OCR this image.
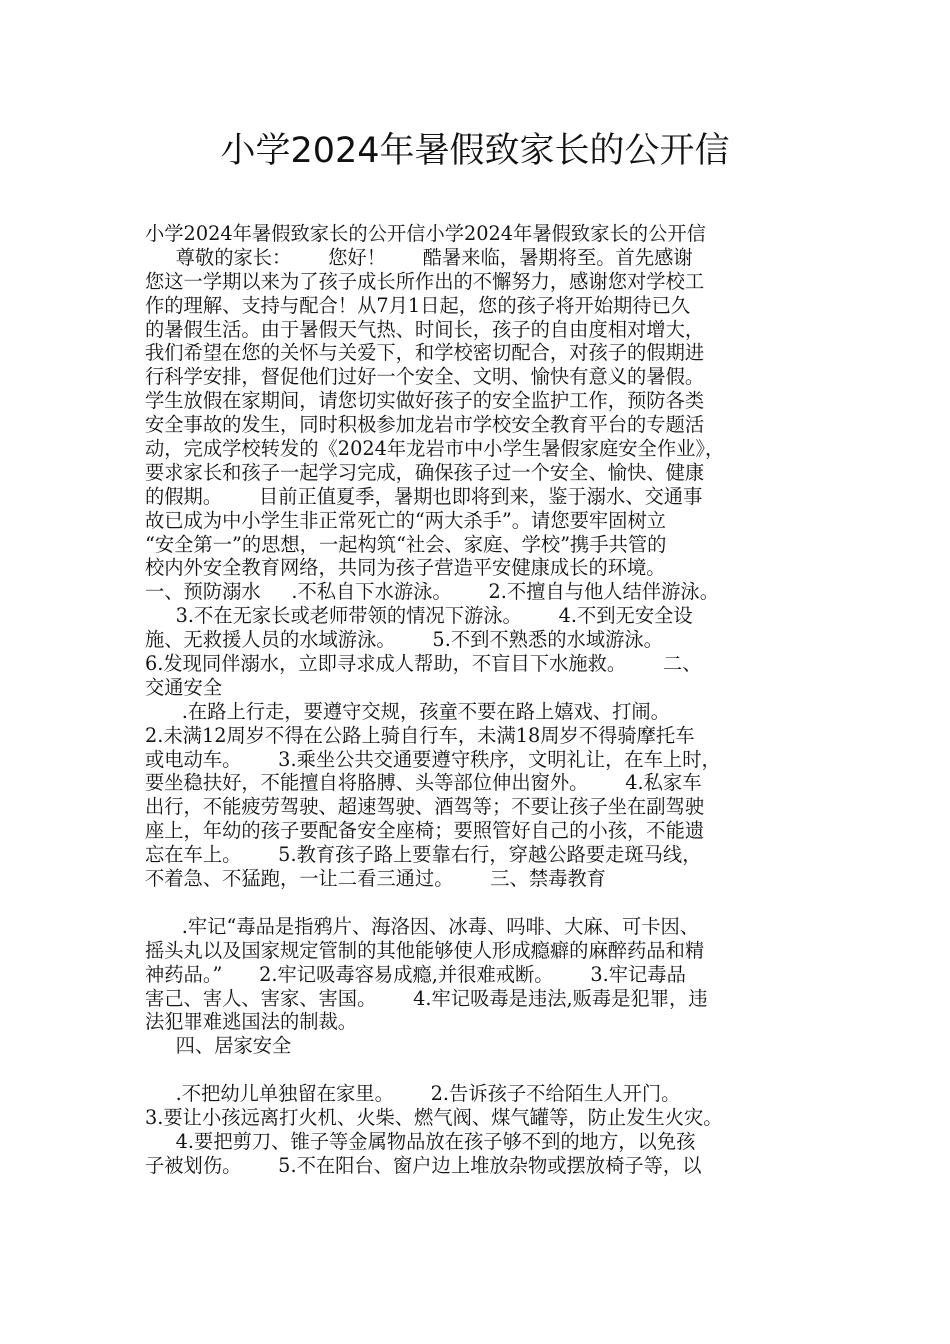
小学2024年暑假致家长的公开信
小学2024年暑假致家长的公开信小学2024年暑假致家长的公开信
尊敬的家长：      您好！      酷暑来临，暑期将至。首先感谢
您这一学期以来为了孩子成长所作出的不懈努力，感谢您对学校工
作的理解、支持与配合！从7月1日起，您的孩子将开始期待已久
的暑假生活。由于暑假天气热、时间长，孩子的自由度相对增大，
我们希望在您的关怀与关爱下，和学校密切配合，对孩子的假期进
行科学安排，督促他们过好一个安全、文明、愉快有意义的暑假。
学生放假在家期间，请您切实做好孩子的安全监护工作，预防各类
安全事故的发生，同时积极参加龙岩市学校安全教育平台的专题活
动，完成学校转发的《2024年龙岩市中小学生暑假家庭安全作业》，
要求家长和孩子一起学习完成，确保孩子过一个安全、愉快、健康
的假期。      目前正值夏季，暑期也即将到来，鉴于溺水、交通事
故已成为中小学生非正常死亡的“两大杀手”。请您要牢固树立
“安全第一”的思想，一起构筑“社会、家庭、学校”携手共管的
校内外安全教育网络，共同为孩子营造平安健康成长的环境。
一、预防溺水     .不私自下水游泳。      2.不擅自与他人结伴游泳。
3.不在无家长或老师带领的情况下游泳。      4.不到无安全设
施、无救援人员的水域游泳。      5.不到不熟悉的水域游泳。
6.发现同伴溺水，立即寻求成人帮助，不盲目下水施救。      二、
交通安全
.在路上行走，要遵守交规，孩童不要在路上嬉戏、打闹。
2.未满12周岁不得在公路上骑自行车，未满18周岁不得骑摩托车
或电动车。      3.乘坐公共交通要遵守秩序，文明礼让，在车上时，
要坐稳扶好，不能擅自将胳膊、头等部位伸出窗外。      4.私家车
出行，不能疲劳驾驶、超速驾驶、酒驾等；不要让孩子坐在副驾驶
座上，年幼的孩子要配备安全座椅；要照管好自己的小孩，不能遗
忘在车上。      5.教育孩子路上要靠右行，穿越公路要走斑马线，
不着急、不猛跑，一让二看三通过。      三、禁毒教育
.牢记“毒品是指鸦片、海洛因、冰毒、吗啡、大麻、可卡因、
摇头丸以及国家规定管制的其他能够使人形成瘾癖的麻醉药品和精
神药品。”      2.牢记吸毒容易成瘾,并很难戒断。      3.牢记毒品
害己、害人、害家、害国。      4.牢记吸毒是违法,贩毒是犯罪，违
法犯罪难逃国法的制裁。
四、居家安全
.不把幼儿单独留在家里。      2.告诉孩子不给陌生人开门。
3.要让小孩远离打火机、火柴、燃气阀、煤气罐等，防止发生火灾。
4.要把剪刀、锥子等金属物品放在孩子够不到的地方，以免孩
子被划伤。      5.不在阳台、窗户边上堆放杂物或摆放椅子等，以
